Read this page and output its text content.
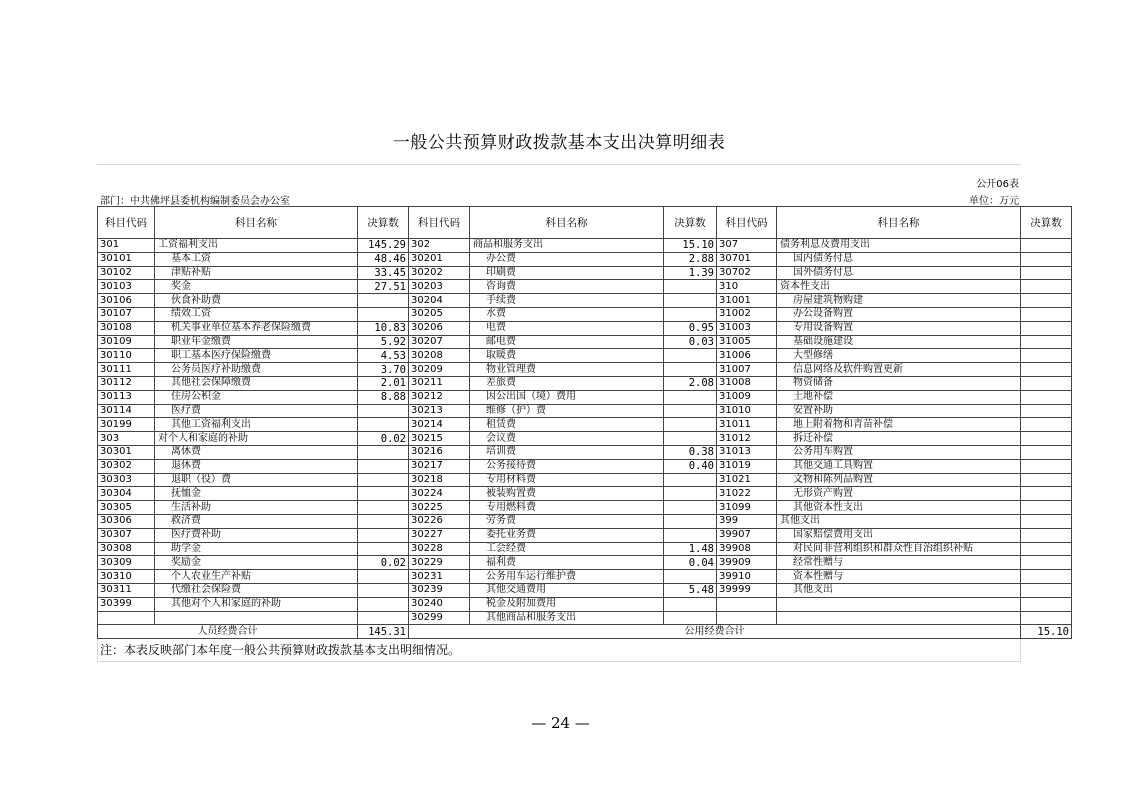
一般公共预算财政拨款基本支出决算明细表
公开06表
部门：中共佛坪县委机构编制委员会办公室	单位：万元
科目代码	科目名称	决算数	科目代码	科目名称	决算数	科目代码	科目名称	决算数
301	工资福利支出	145.29	302	商品和服务支出	15.10	307	债务利息及费用支出	
30101	基本工资	48.46	30201	办公费	2.88	30701	国内债务付息	
30102	津贴补贴	33.45	30202	印刷费	1.39	30702	国外债务付息	
30103	奖金	27.51	30203	咨询费		310	资本性支出	
30106	伙食补助费		30204	手续费		31001	房屋建筑物购建	
30107	绩效工资		30205	水费		31002	办公设备购置	
30108	机关事业单位基本养老保险缴费	10.83	30206	电费	0.95	31003	专用设备购置	
30109	职业年金缴费	5.92	30207	邮电费	0.03	31005	基础设施建设	
30110	职工基本医疗保险缴费	4.53	30208	取暖费		31006	大型修缮	
30111	公务员医疗补助缴费	3.70	30209	物业管理费		31007	信息网络及软件购置更新	
30112	其他社会保障缴费	2.01	30211	差旅费	2.08	31008	物资储备	
30113	住房公积金	8.88	30212	因公出国（境）费用		31009	土地补偿	
30114	医疗费		30213	维修（护）费		31010	安置补助	
30199	其他工资福利支出		30214	租赁费		31011	地上附着物和青苗补偿	
303	对个人和家庭的补助	0.02	30215	会议费		31012	拆迁补偿	
30301	离休费		30216	培训费	0.38	31013	公务用车购置	
30302	退休费		30217	公务接待费	0.40	31019	其他交通工具购置	
30303	退职（役）费		30218	专用材料费		31021	文物和陈列品购置	
30304	抚恤金		30224	被装购置费		31022	无形资产购置	
30305	生活补助		30225	专用燃料费		31099	其他资本性支出	
30306	救济费		30226	劳务费		399	其他支出	
30307	医疗费补助		30227	委托业务费		39907	国家赔偿费用支出	
30308	助学金		30228	工会经费	1.48	39908	对民间非营利组织和群众性自治组织补贴	
30309	奖励金	0.02	30229	福利费	0.04	39909	经常性赠与	
30310	个人农业生产补贴		30231	公务用车运行维护费		39910	资本性赠与	
30311	代缴社会保险费		30239	其他交通费用	5.48	39999	其他支出	
30399	其他对个人和家庭的补助		30240	税金及附加费用				
			30299	其他商品和服务支出				
人员经费合计		145.31	公用经费合计					15.10
注：本表反映部门本年度一般公共预算财政拨款基本支出明细情况。
— 24 —
